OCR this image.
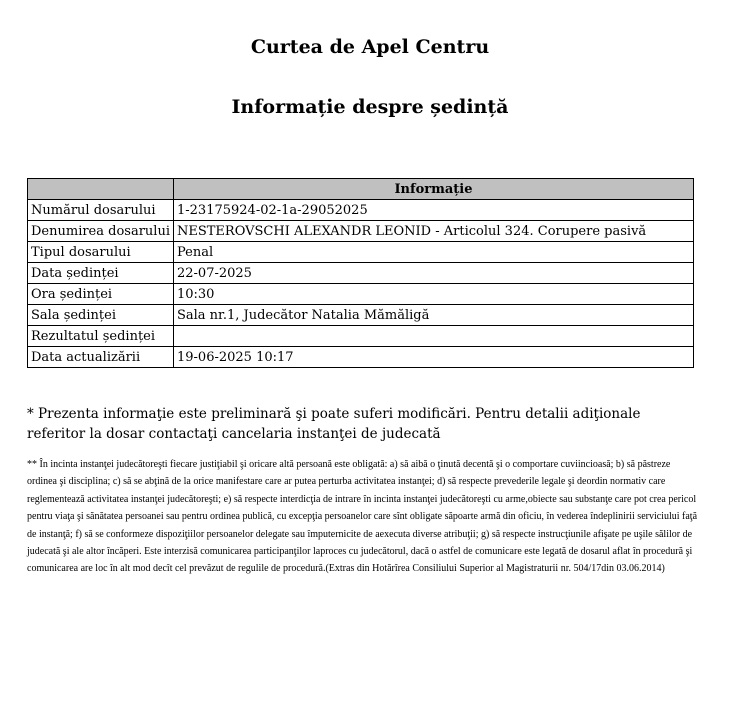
Curtea de Apel Centru
Informație despre ședință
	Informație
Numărul dosarului	1-23175924-02-1a-29052025
Denumirea dosarului	NESTEROVSCHI ALEXANDR LEONID - Articolul 324. Corupere pasivă
Tipul dosarului	Penal
Data ședinței	22-07-2025
Ora ședinței	10:30
Sala ședinței	Sala nr.1, Judecător Natalia Mămăligă
Rezultatul ședinței	
Data actualizării	19-06-2025 10:17

* Prezenta informaţie este preliminară şi poate suferi modificări. Pentru detalii adiţionale referitor la dosar contactaţi cancelaria instanţei de judecată

** În incinta instanţei judecătoreşti fiecare justiţiabil şi oricare altă persoană este obligată: a) să aibă o ţinută decentă şi o comportare cuviincioasă; b) să păstreze ordinea şi disciplina; c) să se abţină de la orice manifestare care ar putea perturba activitatea instanţei; d) să respecte prevederile legale şi deordin normativ care reglementează activitatea instanţei judecătoreşti; e) să respecte interdicţia de intrare în incinta instanţei judecătoreşti cu arme,obiecte sau substanţe care pot crea pericol pentru viaţa şi sănătatea persoanei sau pentru ordinea publică, cu excepţia persoanelor care sînt obligate săpoarte armă din oficiu, în vederea îndeplinirii serviciului faţă de instanţă; f) să se conformeze dispoziţiilor persoanelor delegate sau împuternicite de aexecuta diverse atribuţii; g) să respecte instrucţiunile afişate pe uşile sălilor de judecată şi ale altor încăperi. Este interzisă comunicarea participanţilor laproces cu judecătorul, dacă o astfel de comunicare este legată de dosarul aflat în procedură şi comunicarea are loc în alt mod decît cel prevăzut de regulile de procedură.(Extras din Hotărîrea Consiliului Superior al Magistraturii nr. 504/17din 03.06.2014)
